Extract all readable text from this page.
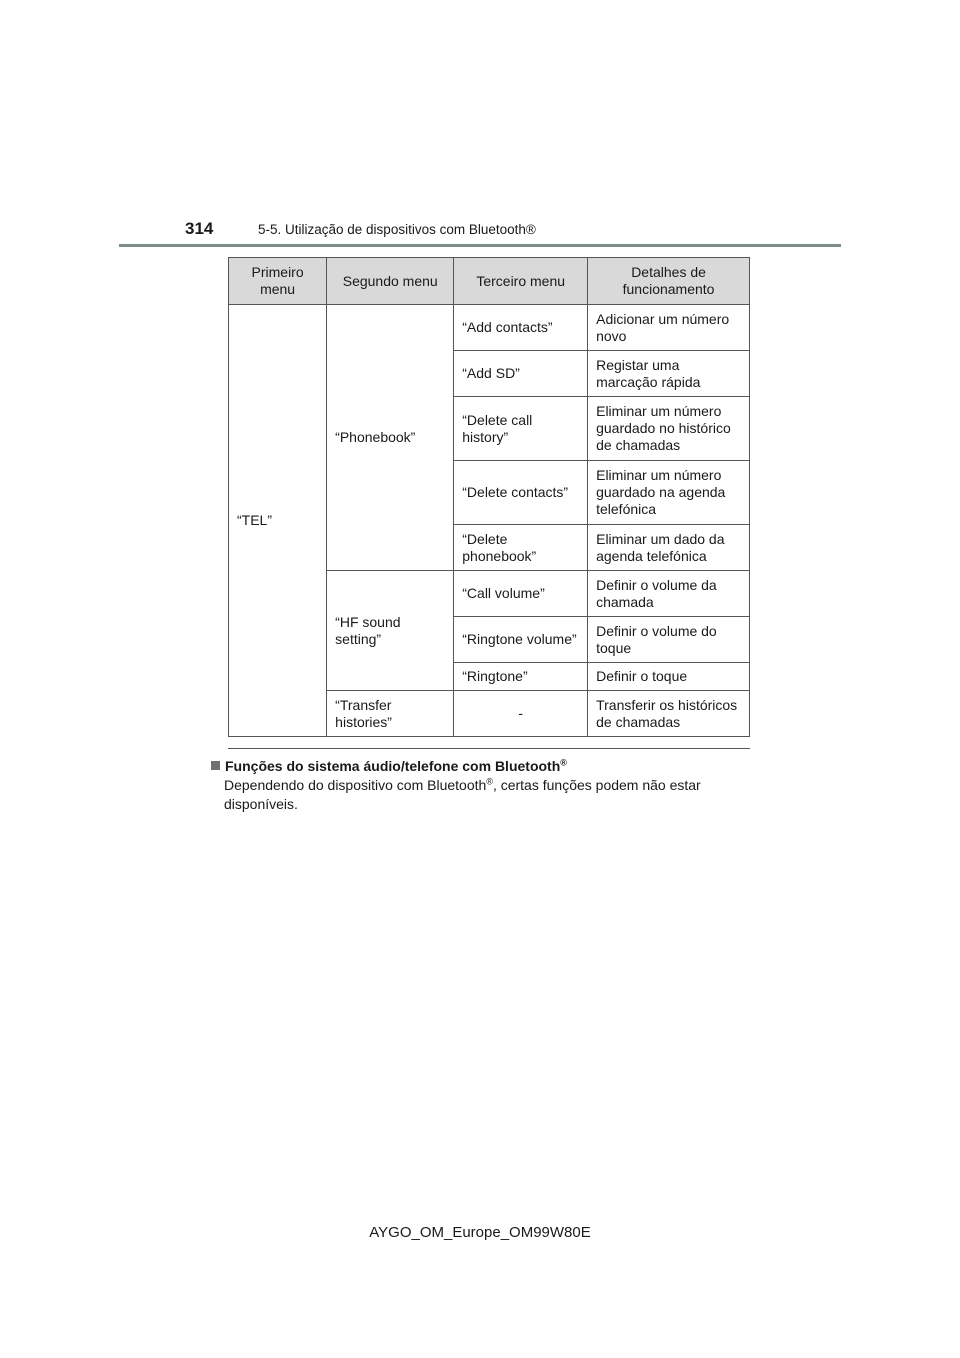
314	5-5. Utilização de dispositivos com Bluetooth®
Primeiro menu	Segundo menu	Terceiro menu	Detalhes de funcionamento
“TEL”	“Phonebook”	“Add contacts”	Adicionar um número novo
		“Add SD”	Registar uma marcação rápida
		“Delete call history”	Eliminar um número guardado no histórico de chamadas
		“Delete contacts”	Eliminar um número guardado na agenda telefónica
		“Delete phonebook”	Eliminar um dado da agenda telefónica
	“HF sound setting”	“Call volume”	Definir o volume da chamada
		“Ringtone volume”	Definir o volume do toque
		“Ringtone”	Definir o toque
	“Transfer histories”	-	Transferir os históricos de chamadas
Funções do sistema áudio/telefone com Bluetooth®
Dependendo do dispositivo com Bluetooth®, certas funções podem não estar disponíveis.
AYGO_OM_Europe_OM99W80E
